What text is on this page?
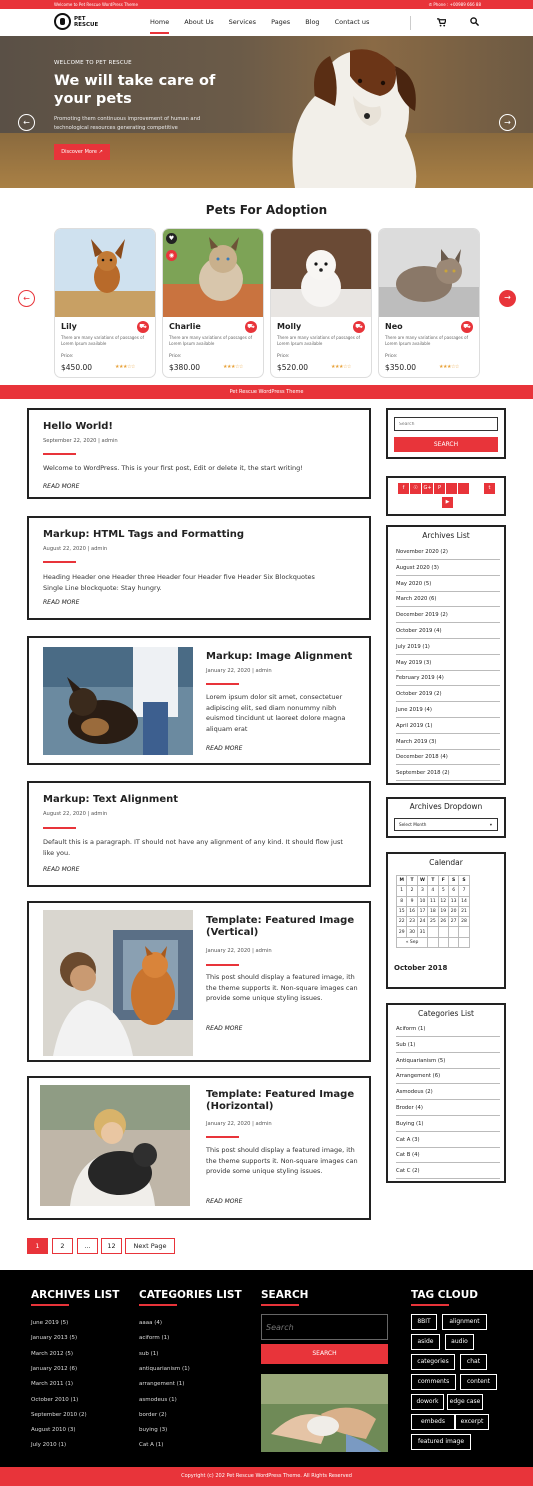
Welcome to Pet Rescue WordPress Theme	✆ Phone : +00989 666 88
PET
RESCUE	Home About Us Services Pages Blog Contact us
WELCOME TO PET RESCUE
We will take care of your pets

Promoting them continuous improvement of human and technological resources generating competitive

Discover More ↗
←	→
Pets For Adoption
←	→
Lily	⛟
There are many variations of passages of Lorem Ipsum available
Price:
$450.00	★★★☆☆
Charlie	⛟
There are many variations of passages of Lorem Ipsum available
Price:
$380.00	★★★☆☆
♥
◉
Molly	⛟
There are many variations of passages of Lorem Ipsum available
Price:
$520.00	★★★☆☆
Neo	⛟
There are many variations of passages of Lorem Ipsum available
Price:
$350.00	★★★☆☆
Pet Rescue WordPress Theme
Hello World!
September 22, 2020 | admin
Welcome to WordPress. This is your first post, Edit or delete it, the start writing!
READ MORE
Markup: HTML Tags and Formatting
August 22, 2020 | admin
Heading Header one Header three Header four Header five Header Six Blockquotes Single Line blockquote: Stay hungry.
READ MORE
Markup: Image Alignment
January 22, 2020 | admin
Lorem ipsum dolor sit amet, consectetuer adipiscing elit, sed diam nonummy nibh euismod tincidunt ut laoreet dolore magna aliquam erat
READ MORE
Markup: Text Alignment
August 22, 2020 | admin
Default this is a paragraph. IT should not have any alignment of any kind. It should flow just like you.
READ MORE
Template: Featured Image (Vertical)
January 22, 2020 | admin
This post should display a featured image, ith the theme supports it. Non-square images can provide some unique styling issues.
READ MORE
Template: Featured Image (Horizontal)
January 22, 2020 | admin
This post should display a featured image, ith the theme supports it. Non-square images can provide some unique styling issues.
READ MORE
1	2	...	12	Next Page
Search
SEARCH
f	☉	G+	P	t
▶
Archives List
November 2020 (2)
August 2020 (3)
May 2020 (5)
March 2020 (6)
December 2019 (2)
October 2019 (4)
July 2019 (1)
May 2019 (3)
February 2019 (4)
October 2019 (2)
June 2019 (4)
April 2019 (1)
March 2019 (3)
December 2018 (4)
September 2018 (2)
Archives Dropdown
Select Month	▾
Calendar
M	T	W	T	F	S	S
1	2	3	4	5	6	7
8	9	10	11	12	13	14
15	16	17	18	19	20	21
22	23	24	25	26	27	28
29	30	31				
« Sep						
October 2018
Categories List
Aciform (1)
Sub (1)
Antiquarianism (5)
Arrangement (6)
Asmodeus (2)
Broder (4)
Buying (1)
Cat A (3)
Cat B (4)
Cat C (2)
ARCHIVES LIST
June 2019 (5)
January 2013 (5)
March 2012 (5)
January 2012 (6)
March 2011 (1)
October 2010 (1)
September 2010 (2)
August 2010 (3)
July 2010 (1)
CATEGORIES LIST
aaaa (4)
aciform (1)
sub (1)
antiquarianism (1)
arrangement (1)
asmodeus (1)
border (2)
buying (3)
Cat A (1)
SEARCH
Search
SEARCH
TAG CLOUD
8BIT	alignment
aside	audio
categories	chat
comments	content
dowork	edge case
embeds	excerpt
featured image
Copyright (c) 202 Pet Rescue WordPress Theme. All Rights Reserved
